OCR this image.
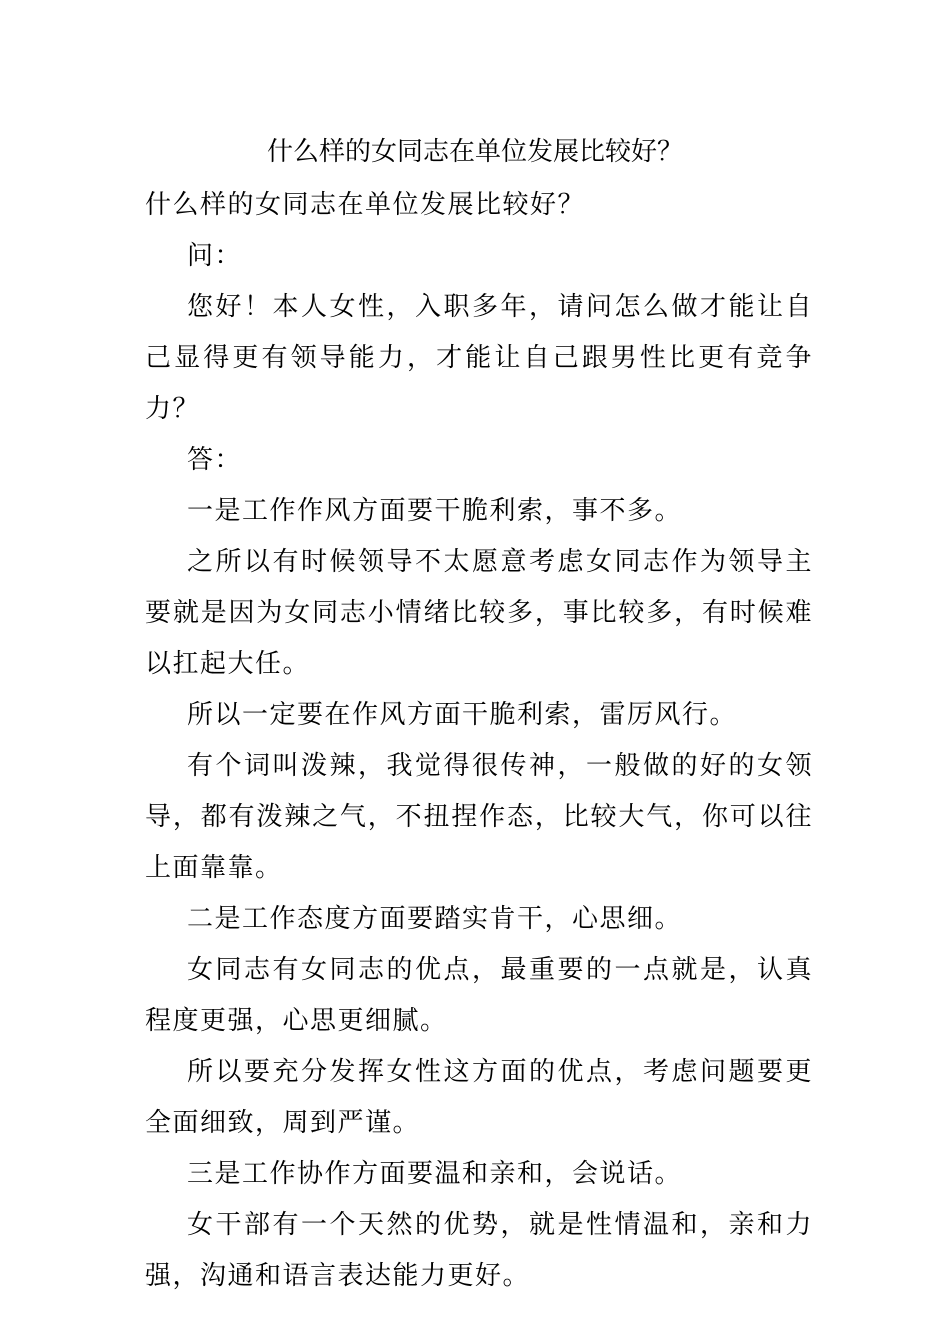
什么样的女同志在单位发展比较好？

什么样的女同志在单位发展比较好？

问：

您好！本人女性，入职多年，请问怎么做才能让自己显得更有领导能力，才能让自己跟男性比更有竞争力？

答：

一是工作作风方面要干脆利索，事不多。

之所以有时候领导不太愿意考虑女同志作为领导主要就是因为女同志小情绪比较多，事比较多，有时候难以扛起大任。

所以一定要在作风方面干脆利索，雷厉风行。

有个词叫泼辣，我觉得很传神，一般做的好的女领导，都有泼辣之气，不扭捏作态，比较大气，你可以往上面靠靠。

二是工作态度方面要踏实肯干，心思细。

女同志有女同志的优点，最重要的一点就是，认真程度更强，心思更细腻。

所以要充分发挥女性这方面的优点，考虑问题要更全面细致，周到严谨。

三是工作协作方面要温和亲和，会说话。

女干部有一个天然的优势，就是性情温和，亲和力强，沟通和语言表达能力更好。
